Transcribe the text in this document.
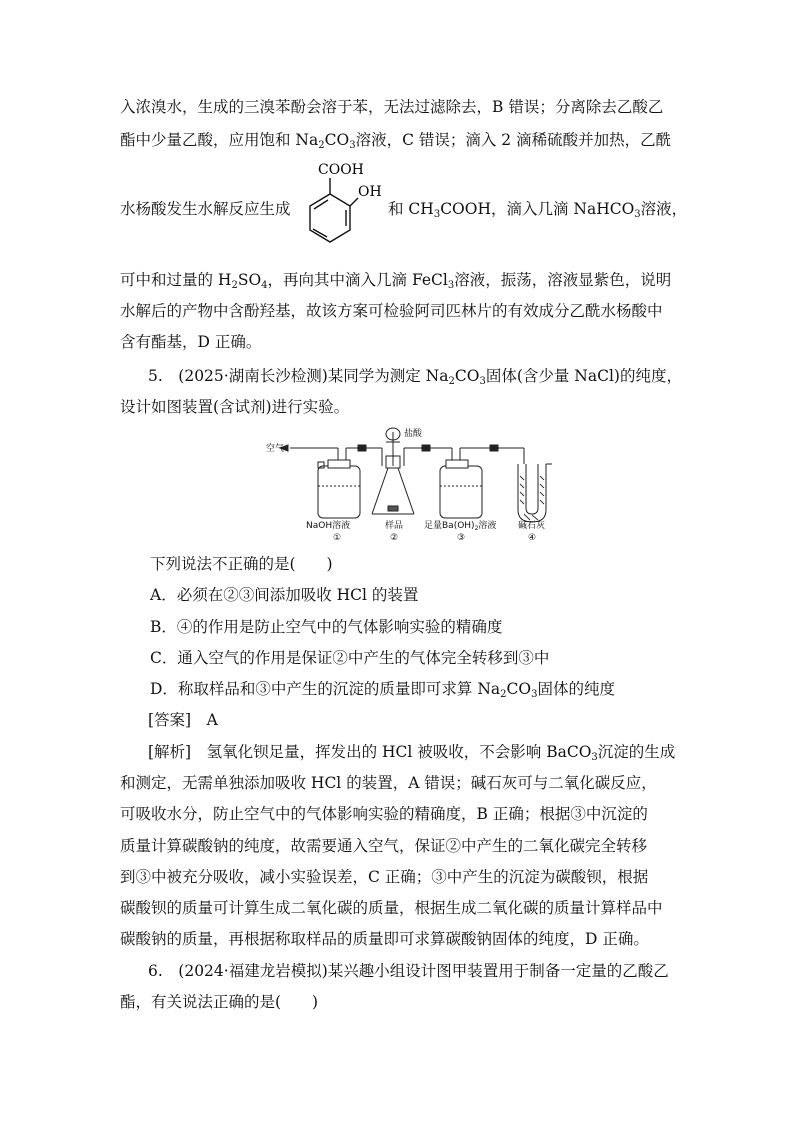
入浓溴水，生成的三溴苯酚会溶于苯，无法过滤除去，B 错误；分离除去乙酸乙
酯中少量乙酸，应用饱和 $Na_2CO_3$溶液，C 错误；滴入 2 滴稀硫酸并加热，乙酰
COOH
OH
水杨酸发生水解反应生成	和 $CH_3COOH$，滴入几滴 NaHCO$_3$溶液，
可中和过量的 $H_2SO_4$，再向其中滴入几滴 FeCl$_3$溶液，振荡，溶液显紫色，说明
水解后的产物中含酚羟基，故该方案可检验阿司匹林片的有效成分乙酰水杨酸中
含有酯基，D 正确。
5.　(2025·湖南长沙检测)某同学为测定 $Na_2CO_3$固体(含少量 NaCl)的纯度，
设计如图装置(含试剂)进行实验。
空气
盐酸
NaOH溶液	样品 足量$Ba(OH)_2$溶液 碱石灰
①	②	③	④
下列说法不正确的是(　　)
A．必须在②③间添加吸收 HCl 的装置
B．④的作用是防止空气中的气体影响实验的精确度
C．通入空气的作用是保证②中产生的气体完全转移到③中
D．称取样品和③中产生的沉淀的质量即可求算 $Na_2CO_3$固体的纯度
[答案]　A
[解析]　氢氧化钡足量，挥发出的 HCl 被吸收，不会影响 BaCO$_3$沉淀的生成
和测定，无需单独添加吸收 HCl 的装置，A 错误；碱石灰可与二氧化碳反应，
可吸收水分，防止空气中的气体影响实验的精确度，B 正确；根据③中沉淀的
质量计算碳酸钠的纯度，故需要通入空气，保证②中产生的二氧化碳完全转移
到③中被充分吸收，减小实验误差，C 正确；③中产生的沉淀为碳酸钡，根据
碳酸钡的质量可计算生成二氧化碳的质量，根据生成二氧化碳的质量计算样品中
碳酸钠的质量，再根据称取样品的质量即可求算碳酸钠固体的纯度，D 正确。
6.　(2024·福建龙岩模拟)某兴趣小组设计图甲装置用于制备一定量的乙酸乙
酯，有关说法正确的是(　　)
